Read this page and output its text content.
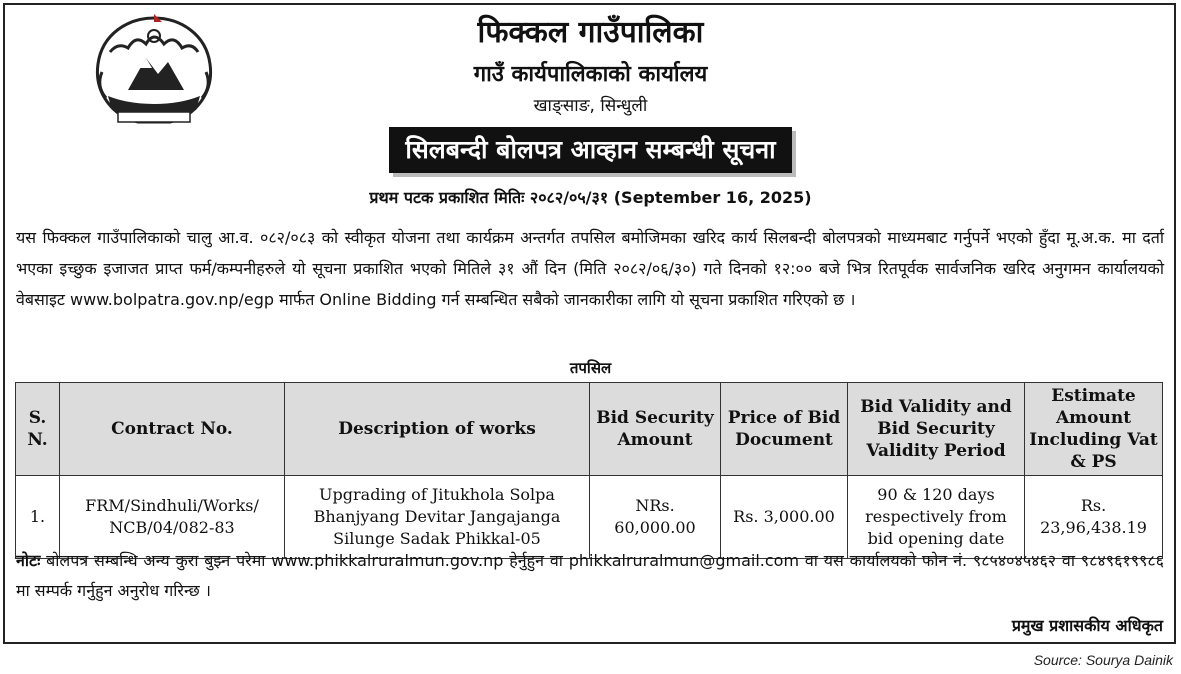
फिक्कल गाउँपालिका
गाउँ कार्यपालिकाको कार्यालय
खाङ्साङ, सिन्धुली
सिलबन्दी बोलपत्र आव्हान सम्बन्धी सूचना
प्रथम पटक प्रकाशित मितिः २०८२/०५/३१ (September 16, 2025)
यस फिक्कल गाउँपालिकाको चालु आ.व. ०८२/०८३ को स्वीकृत योजना तथा कार्यक्रम अन्तर्गत तपसिल बमोजिमका खरिद कार्य सिलबन्दी बोलपत्रको माध्यमबाट गर्नुपर्ने भएको हुँदा मू.अ.क. मा दर्ता भएका इच्छुक इजाजत प्राप्त फर्म/कम्पनीहरुले यो सूचना प्रकाशित भएको मितिले ३१ औं दिन (मिति २०८२/०६/३०) गते दिनको १२:०० बजे भित्र रितपूर्वक सार्वजनिक खरिद अनुगमन कार्यालयको वेबसाइट www.bolpatra.gov.np/egp मार्फत Online Bidding गर्न सम्बन्धित सबैको जानकारीका लागि यो सूचना प्रकाशित गरिएको छ ।
तपसिल
S. N.	Contract No.	Description of works	Bid Security Amount	Price of Bid Document	Bid Validity and Bid Security Validity Period	Estimate Amount Including Vat & PS
1.	FRM/Sindhuli/Works/ NCB/04/082-83	Upgrading of Jitukhola Solpa Bhanjyang Devitar Jangajanga Silunge Sadak Phikkal-05	NRs. 60,000.00	Rs. 3,000.00	90 & 120 days respectively from bid opening date	Rs. 23,96,438.19
नोटः बोलपत्र सम्बन्धि अन्य कुरा बुझ्न परेमा www.phikkalruralmun.gov.np हेर्नुहुन वा phikkalruralmun@gmail.com वा यस कार्यालयको फोन नं. ९८५४०४५४६२ वा ९८४९६१९९८६ मा सम्पर्क गर्नुहुन अनुरोध गरिन्छ ।
प्रमुख प्रशासकीय अधिकृत
Source: Sourya Dainik
